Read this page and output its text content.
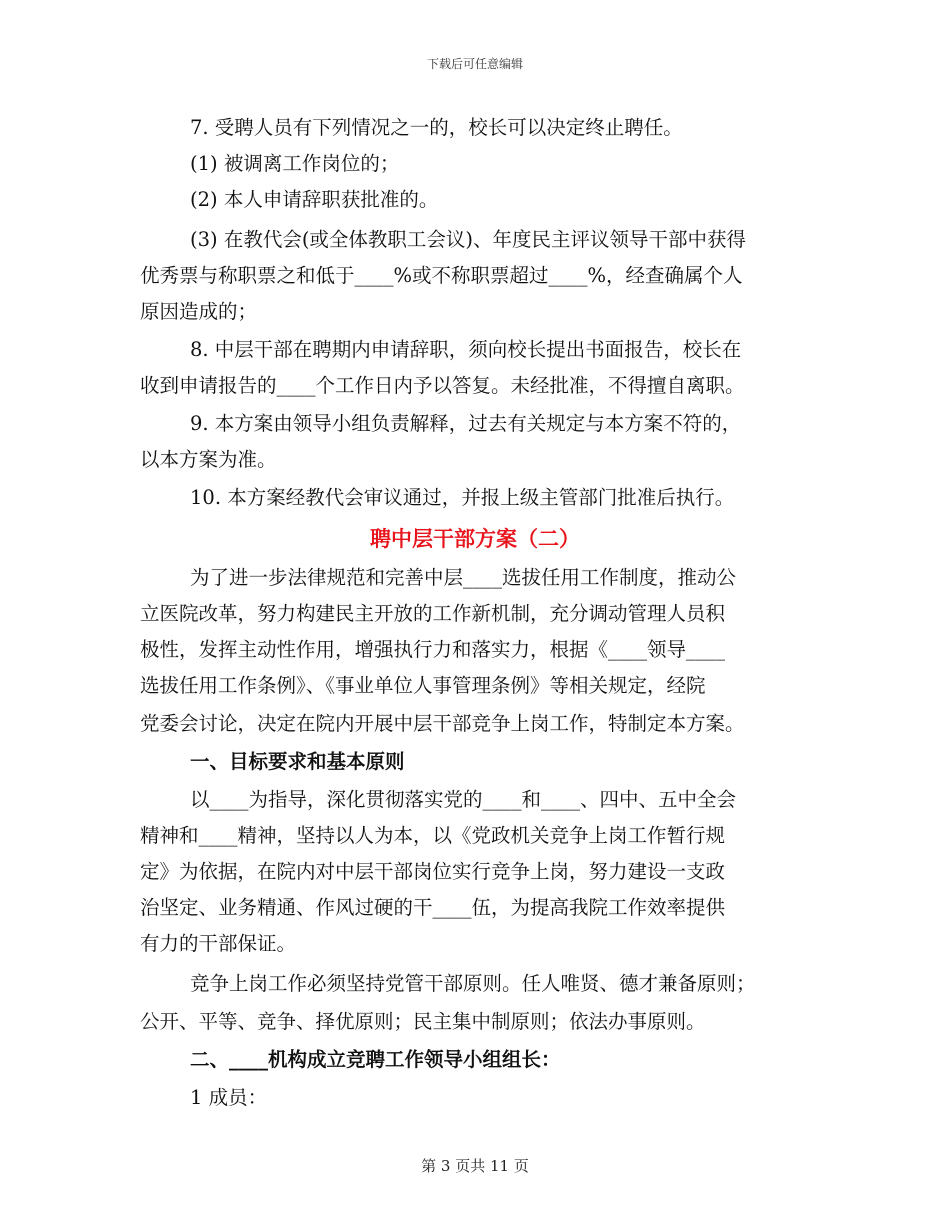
下载后可任意编辑
7. 受聘人员有下列情况之一的，校长可以决定终止聘任。
(1) 被调离工作岗位的；
(2) 本人申请辞职获批准的。
(3) 在教代会(或全体教职工会议)、年度民主评议领导干部中获得
优秀票与称职票之和低于____%或不称职票超过____%，经查确属个人
原因造成的；
8. 中层干部在聘期内申请辞职，须向校长提出书面报告，校长在
收到申请报告的____个工作日内予以答复。未经批准，不得擅自离职。
9. 本方案由领导小组负责解释，过去有关规定与本方案不符的，
以本方案为准。
10. 本方案经教代会审议通过，并报上级主管部门批准后执行。
聘中层干部方案（二）
为了进一步法律规范和完善中层____选拔任用工作制度，推动公
立医院改革，努力构建民主开放的工作新机制，充分调动管理人员积
极性，发挥主动性作用，增强执行力和落实力，根据《____领导____
选拔任用工作条例》、《事业单位人事管理条例》等相关规定，经院
党委会讨论，决定在院内开展中层干部竞争上岗工作，特制定本方案。
一、目标要求和基本原则
以____为指导，深化贯彻落实党的____和____、四中、五中全会
精神和____精神，坚持以人为本，以《党政机关竞争上岗工作暂行规
定》为依据，在院内对中层干部岗位实行竞争上岗，努力建设一支政
治坚定、业务精通、作风过硬的干____伍，为提高我院工作效率提供
有力的干部保证。
竞争上岗工作必须坚持党管干部原则。任人唯贤、德才兼备原则；
公开、平等、竞争、择优原则；民主集中制原则；依法办事原则。
二、____机构成立竞聘工作领导小组组长：
1 成员：
第 3 页共 11 页
